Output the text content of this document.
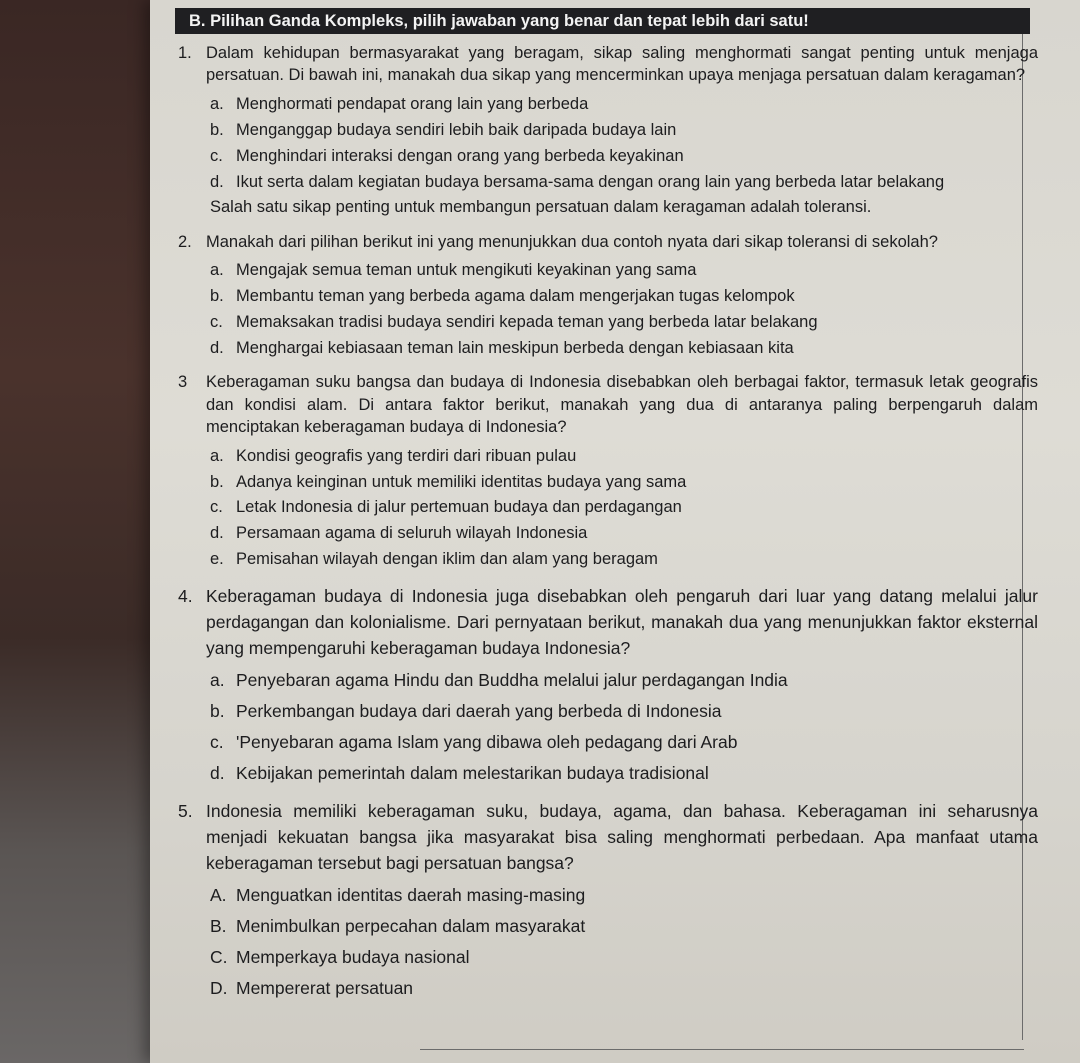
B. Pilihan Ganda Kompleks, pilih jawaban yang benar dan tepat lebih dari satu!
1. Dalam kehidupan bermasyarakat yang beragam, sikap saling menghormati sangat penting untuk menjaga persatuan. Di bawah ini, manakah dua sikap yang mencerminkan upaya menjaga persatuan dalam keragaman?
a. Menghormati pendapat orang lain yang berbeda
b. Menganggap budaya sendiri lebih baik daripada budaya lain
c. Menghindari interaksi dengan orang yang berbeda keyakinan
d. Ikut serta dalam kegiatan budaya bersama-sama dengan orang lain yang berbeda latar belakang
Salah satu sikap penting untuk membangun persatuan dalam keragaman adalah toleransi.
2. Manakah dari pilihan berikut ini yang menunjukkan dua contoh nyata dari sikap toleransi di sekolah?
a. Mengajak semua teman untuk mengikuti keyakinan yang sama
b. Membantu teman yang berbeda agama dalam mengerjakan tugas kelompok
c. Memaksakan tradisi budaya sendiri kepada teman yang berbeda latar belakang
d. Menghargai kebiasaan teman lain meskipun berbeda dengan kebiasaan kita
3	Keberagaman suku bangsa dan budaya di Indonesia disebabkan oleh berbagai faktor, termasuk letak geografis dan kondisi alam. Di antara faktor berikut, manakah yang dua di antaranya paling berpengaruh dalam menciptakan keberagaman budaya di Indonesia?
a. Kondisi geografis yang terdiri dari ribuan pulau
b. Adanya keinginan untuk memiliki identitas budaya yang sama
c. Letak Indonesia di jalur pertemuan budaya dan perdagangan
d. Persamaan agama di seluruh wilayah Indonesia
e. Pemisahan wilayah dengan iklim dan alam yang beragam
4. Keberagaman budaya di Indonesia juga disebabkan oleh pengaruh dari luar yang datang melalui jalur perdagangan dan kolonialisme. Dari pernyataan berikut, manakah dua yang menunjukkan faktor eksternal yang mempengaruhi keberagaman budaya Indonesia?
a. Penyebaran agama Hindu dan Buddha melalui jalur perdagangan India
b. Perkembangan budaya dari daerah yang berbeda di Indonesia
c. 'Penyebaran agama Islam yang dibawa oleh pedagang dari Arab
d. Kebijakan pemerintah dalam melestarikan budaya tradisional
5. Indonesia memiliki keberagaman suku, budaya, agama, dan bahasa. Keberagaman ini seharusnya menjadi kekuatan bangsa jika masyarakat bisa saling menghormati perbedaan. Apa manfaat utama keberagaman tersebut bagi persatuan bangsa?
A. Menguatkan identitas daerah masing-masing
B. Menimbulkan perpecahan dalam masyarakat
C. Memperkaya budaya nasional
D. Mempererat persatuan
